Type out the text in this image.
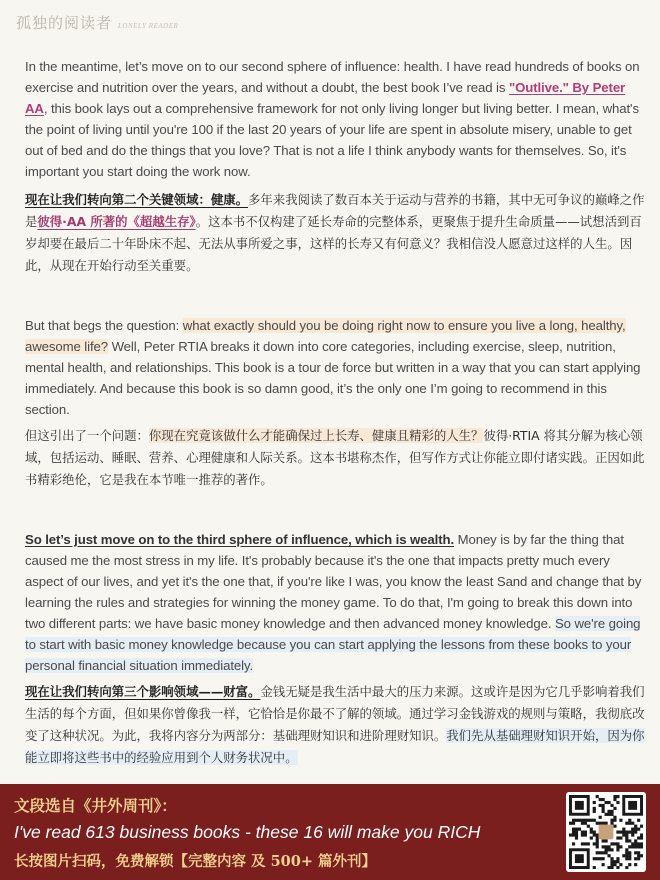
孤独的阅读者 LONELY READER

In the meantime, let’s move on to our second sphere of influence: health. I have read hundreds of books on exercise and nutrition over the years, and without a doubt, the best book I’ve read is "Outlive." By Peter AA, this book lays out a comprehensive framework for not only living longer but living better. I mean, what's the point of living until you're 100 if the last 20 years of your life are spent in absolute misery, unable to get out of bed and do the things that you love? That is not a life I think anybody wants for themselves. So, it's important you start doing the work now.

现在让我们转向第二个关键领域：健康。多年来我阅读了数百本关于运动与营养的书籍，其中无可争议的巅峰之作是彼得·AA 所著的《超越生存》。这本书不仅构建了延长寿命的完整体系，更聚焦于提升生命质量——试想活到百岁却要在最后二十年卧床不起、无法从事所爱之事，这样的长寿又有何意义？我相信没人愿意过这样的人生。因此，从现在开始行动至关重要。

But that begs the question: what exactly should you be doing right now to ensure you live a long, healthy, awesome life? Well, Peter RTIA breaks it down into core categories, including exercise, sleep, nutrition, mental health, and relationships. This book is a tour de force but written in a way that you can start applying immediately. And because this book is so damn good, it’s the only one I’m going to recommend in this section.

但这引出了一个问题：你现在究竟该做什么才能确保过上长寿、健康且精彩的人生？彼得·RTIA 将其分解为核心领域，包括运动、睡眠、营养、心理健康和人际关系。这本书堪称杰作，但写作方式让你能立即付诸实践。正因如此书精彩绝伦，它是我在本节唯一推荐的著作。

So let’s just move on to the third sphere of influence, which is wealth. Money is by far the thing that caused me the most stress in my life. It's probably because it's the one that impacts pretty much every aspect of our lives, and yet it's the one that, if you're like I was, you know the least Sand and change that by learning the rules and strategies for winning the money game. To do that, I'm going to break this down into two different parts: we have basic money knowledge and then advanced money knowledge. So we're going to start with basic money knowledge because you can start applying the lessons from these books to your personal financial situation immediately.

现在让我们转向第三个影响领域——财富。金钱无疑是我生活中最大的压力来源。这或许是因为它几乎影响着我们生活的每个方面，但如果你曾像我一样，它恰恰是你最不了解的领域。通过学习金钱游戏的规则与策略，我彻底改变了这种状况。为此，我将内容分为两部分：基础理财知识和进阶理财知识。我们先从基础理财知识开始，因为你能立即将这些书中的经验应用到个人财务状况中。

文段选自《井外周刊》：
I've read 613 business books - these 16 will make you RICH
长按图片扫码，免费解锁【完整内容 及 500+ 篇外刊】
